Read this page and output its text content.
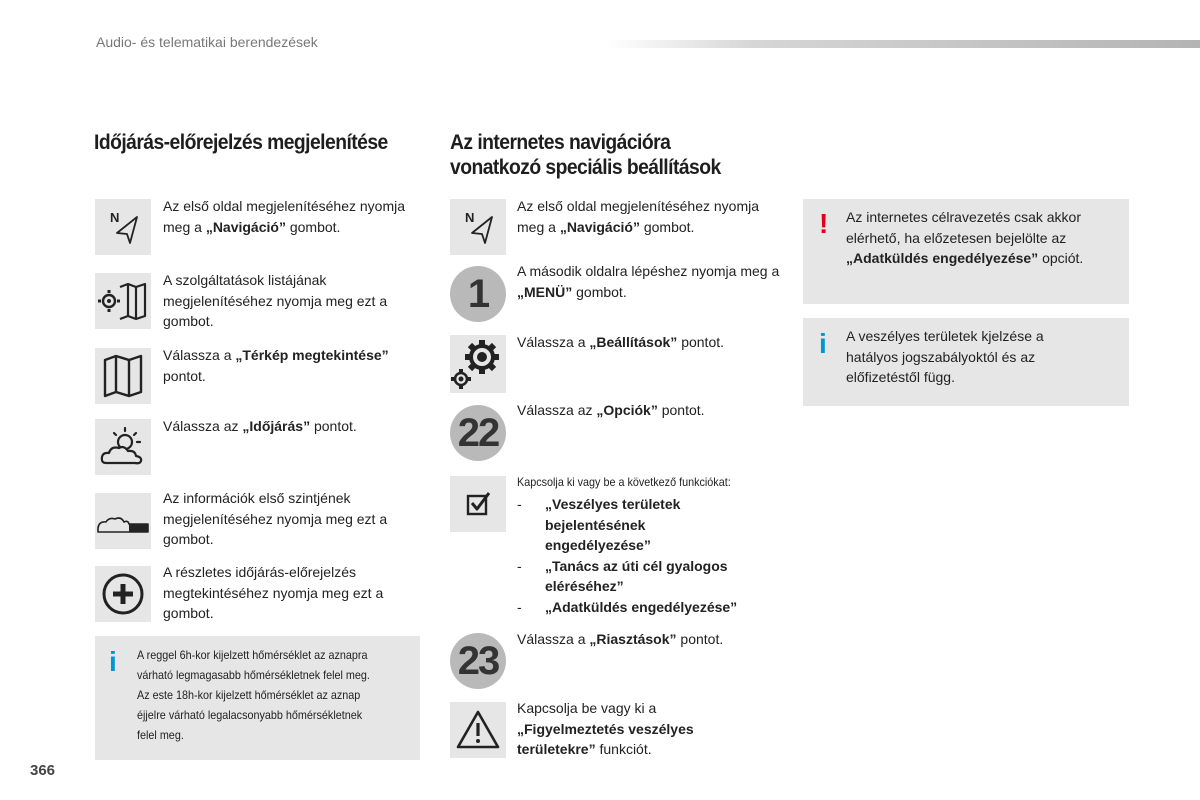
Audio- és telematikai berendezések
Időjárás-előrejelzés megjelenítése
N
Az első oldal megjelenítéséhez nyomja meg a „Navigáció” gombot.
A szolgáltatások listájának megjelenítéséhez nyomja meg ezt a gombot.
Válassza a „Térkép megtekintése” pontot.
Válassza az „Időjárás” pontot.
Az információk első szintjének megjelenítéséhez nyomja meg ezt a gombot.
A részletes időjárás-előrejelzés megtekintéséhez nyomja meg ezt a gombot.
i A reggel 6h-kor kijelzett hőmérséklet az aznapra
várható legmagasabb hőmérsékletnek felel meg.
Az este 18h-kor kijelzett hőmérséklet az aznap
éjjelre várható legalacsonyabb hőmérsékletnek
felel meg.
Az internetes navigációra
vonatkozó speciális beállítások
N
Az első oldal megjelenítéséhez nyomja meg a „Navigáció” gombot.
1
A második oldalra lépéshez nyomja meg a „MENÜ” gombot.
Válassza a „Beállítások” pontot.
22
Válassza az „Opciók” pontot.
Kapcsolja ki vagy be a következő funkciókat:
-	„Veszélyes területek bejelentésének engedélyezése”
-	„Tanács az úti cél gyalogos eléréséhez”
-	„Adatküldés engedélyezése”
23	Válassza a „Riasztások” pontot.
Kapcsolja be vagy ki a „Figyelmeztetés veszélyes területekre” funkciót.
! Az internetes célravezetés csak akkor elérhető, ha előzetesen bejelölte az „Adatküldés engedélyezése” opciót.
i A veszélyes területek kjelzése a hatályos jogszabályoktól és az előfizetéstől függ.
366
